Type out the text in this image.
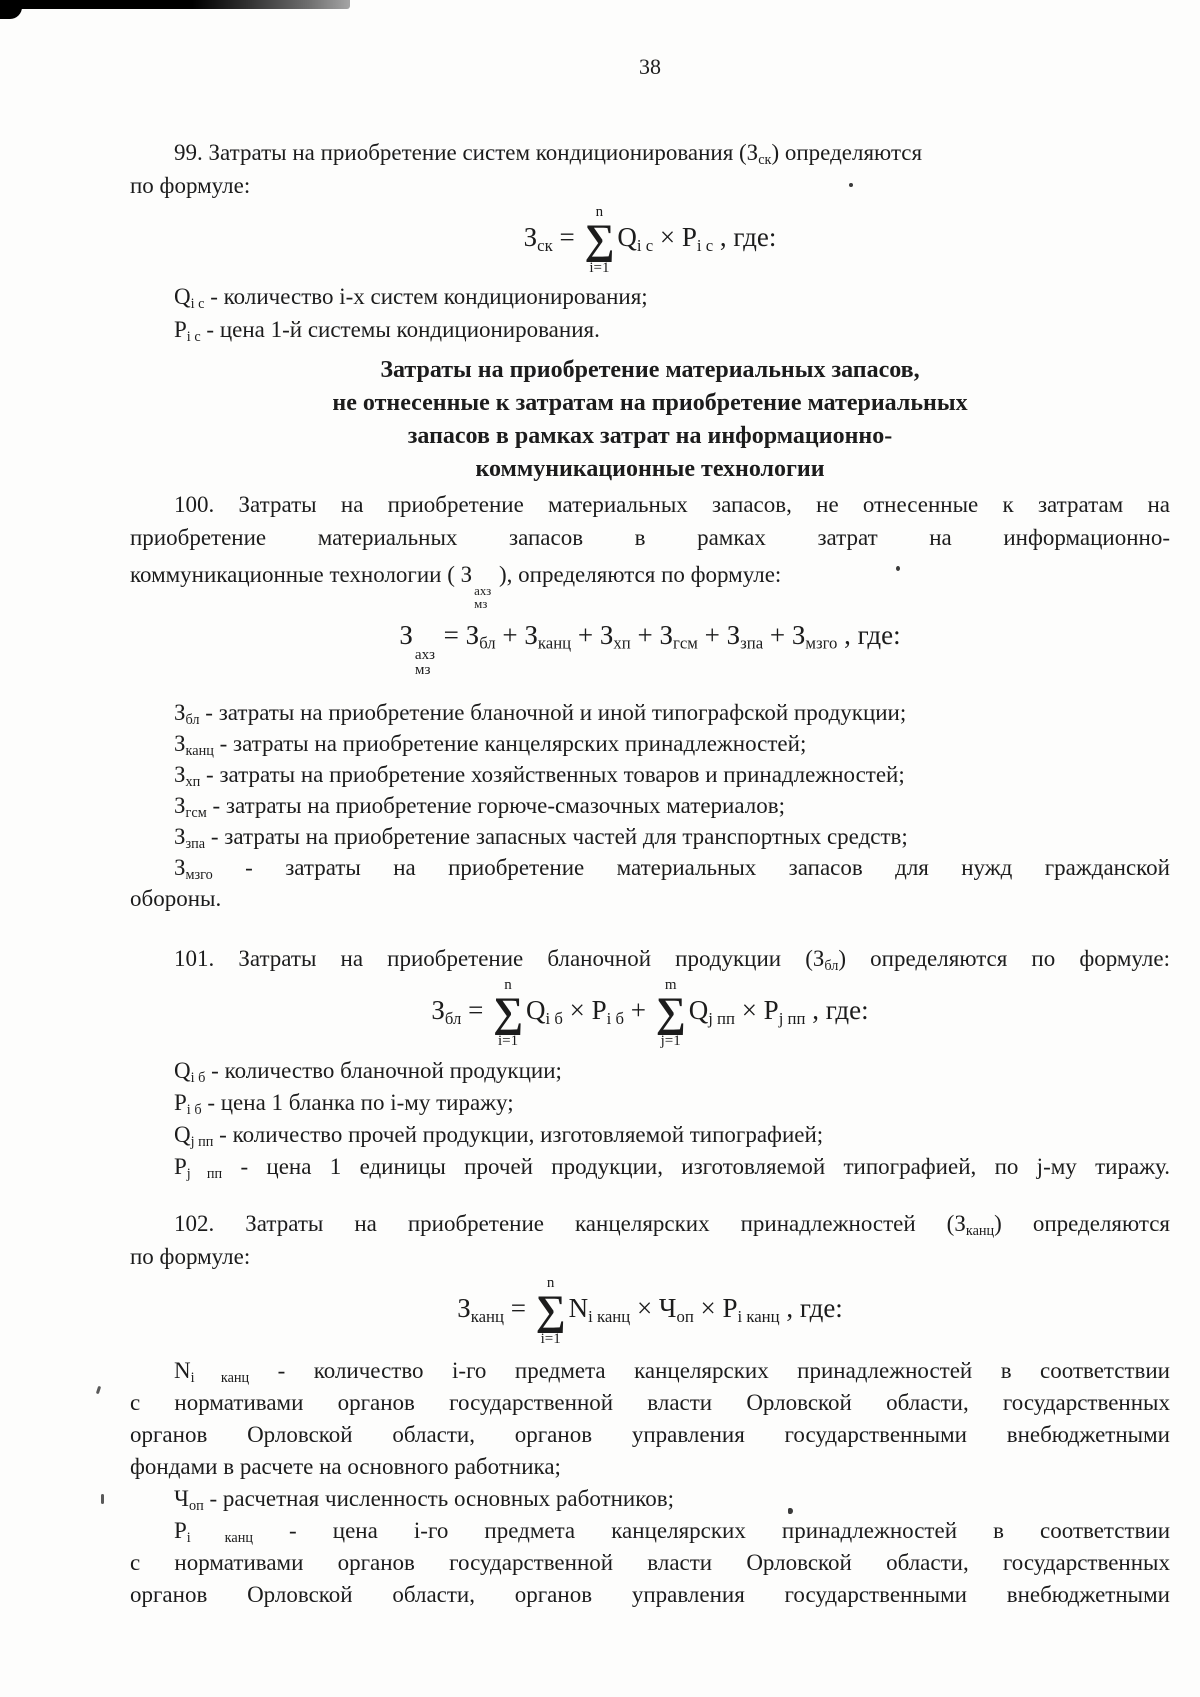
38
99. Затраты на приобретение систем кондиционирования $(З_{ск})$ определяются
по формуле:
$З_{ск}$ =
n
∑
i=1
$Q_{i c} \times P_{i c}$ , где:
$Q_{i c}$ - количество i-х систем кондиционирования;
$P_{i c}$ - цена 1-й системы кондиционирования.
Затраты на приобретение материальных запасов,
не отнесенные к затратам на приобретение материальных
запасов в рамках затрат на информационно-
коммуникационные технологии
100. Затраты на приобретение материальных запасов, не отнесенные к затратам на
приобретение материальных запасов в рамках затрат на информационно-
коммуникационные технологии ( З
ахз
мз
), определяются по формуле:
З
ахз
мз
= $З_{бл} + З_{канц} + З_{хп} + З_{гсм} + З_{зпа} + З_{мзго}$ , где:
$З_{бл}$ - затраты на приобретение бланочной и иной типографской продукции;
$З_{канц}$ - затраты на приобретение канцелярских принадлежностей;
$З_{хп}$ - затраты на приобретение хозяйственных товаров и принадлежностей;
$З_{гсм}$ - затраты на приобретение горюче-смазочных материалов;
$З_{зпа}$ - затраты на приобретение запасных частей для транспортных средств;
$З_{мзго}$ - затраты на приобретение материальных запасов для нужд гражданской
обороны.
101. Затраты на приобретение бланочной продукции $(З_{бл})$ определяются по формуле:
$З_{бл}$ =
n
∑
i=1
$Q_{i б} \times P_{i б}$ +
m
∑
j=1
$Q_{j пп} \times P_{j пп}$ , где:
$Q_{i б}$ - количество бланочной продукции;
$P_{i б}$ - цена 1 бланка по i-му тиражу;
$Q_{j пп}$ - количество прочей продукции, изготовляемой типографией;
$P_{j пп}$ - цена 1 единицы прочей продукции, изготовляемой типографией, по j-му тиражу.
102. Затраты на приобретение канцелярских принадлежностей $(З_{канц})$ определяются
по формуле:
$З_{канц}$ =
n
∑
i=1
$N_{i канц} \times Ч_{оп} \times P_{i канц}$ , где:
$N_{i канц}$ - количество i-го предмета канцелярских принадлежностей в соответствии
с нормативами органов государственной власти Орловской области, государственных
органов Орловской области, органов управления государственными внебюджетными
фондами в расчете на основного работника;
$Ч_{оп}$ - расчетная численность основных работников;
$P_{i канц}$ - цена i-го предмета канцелярских принадлежностей в соответствии
с нормативами органов государственной власти Орловской области, государственных
органов Орловской области, органов управления государственными внебюджетными
